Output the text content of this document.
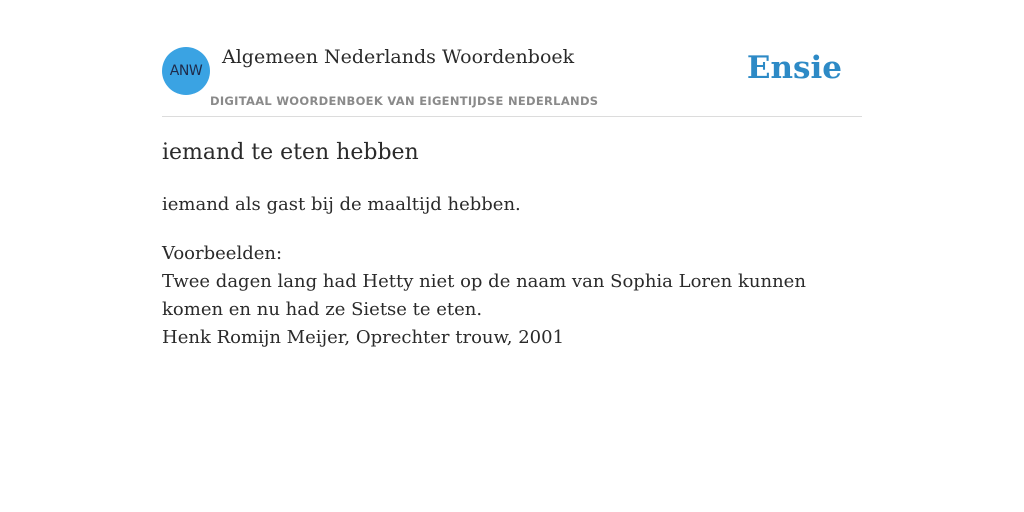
ANW
Algemeen Nederlands Woordenboek
DIGITAAL WOORDENBOEK VAN EIGENTIJDSE NEDERLANDS
Ensie
iemand te eten hebben
iemand als gast bij de maaltijd hebben.
Voorbeelden:
Twee dagen lang had Hetty niet op de naam van Sophia Loren kunnen komen en nu had ze Sietse te eten.
Henk Romijn Meijer, Oprechter trouw, 2001
